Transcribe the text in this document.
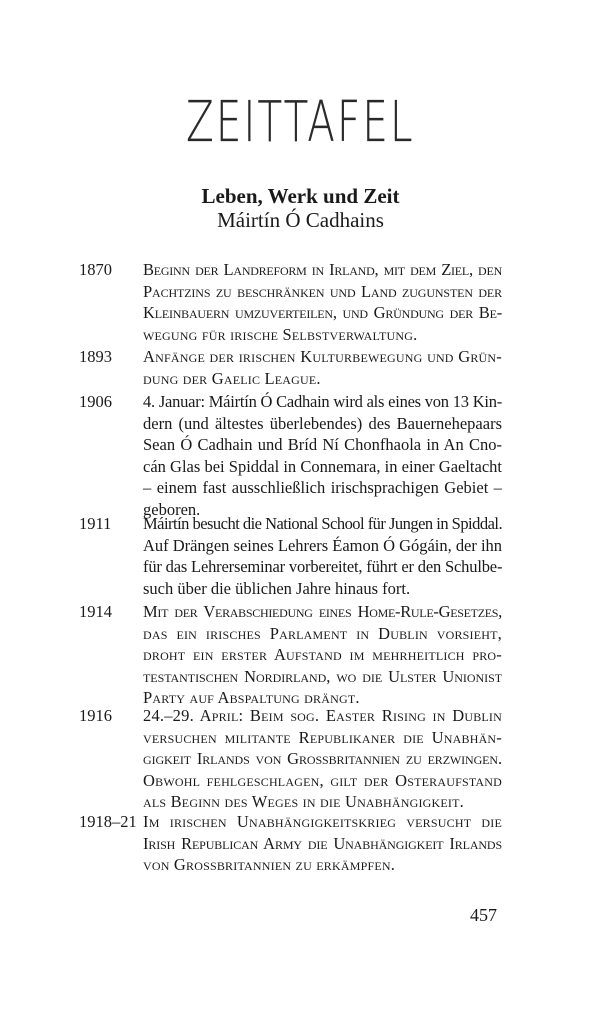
ZEITTAFEL
Leben, Werk und Zeit
Máirtín Ó Cadhains
1870 Beginn der Landreform in Irland, mit dem Ziel, den
Pachtzins zu beschränken und Land zugunsten der
Kleinbauern umzuverteilen, und Gründung der Be-
wegung für irische Selbstverwaltung.
1893 Anfänge der irischen Kulturbewegung und Grün-
dung der Gaelic League.
1906 4. Januar: Máirtín Ó Cadhain wird als eines von 13 Kin-
dern (und ältestes überlebendes) des Bauernehepaars
Sean Ó Cadhain und Bríd Ní Chonfhaola in An Cno-
cán Glas bei Spiddal in Connemara, in einer Gaeltacht
– einem fast ausschließlich irischsprachigen Gebiet –
geboren.
1911 Máirtín besucht die National School für Jungen in Spiddal.
Auf Drängen seines Lehrers Éamon Ó Gógáin, der ihn
für das Lehrerseminar vorbereitet, führt er den Schulbe-
such über die üblichen Jahre hinaus fort.
1914 Mit der Verabschiedung eines Home-Rule-Gesetzes,
das ein irisches Parlament in Dublin vorsieht,
droht ein erster Aufstand im mehrheitlich pro-
testantischen Nordirland, wo die Ulster Unionist
Party auf Abspaltung drängt.
1916 24.–29. April: Beim sog. Easter Rising in Dublin
versuchen militante Republikaner die Unabhän-
gigkeit Irlands von Grossbritannien zu erzwingen.
Obwohl fehlgeschlagen, gilt der Osteraufstand
als Beginn des Weges in die Unabhängigkeit.
1918–21 Im irischen Unabhängigkeitskrieg versucht die
Irish Republican Army die Unabhängigkeit Irlands
von Grossbritannien zu erkämpfen.
457
